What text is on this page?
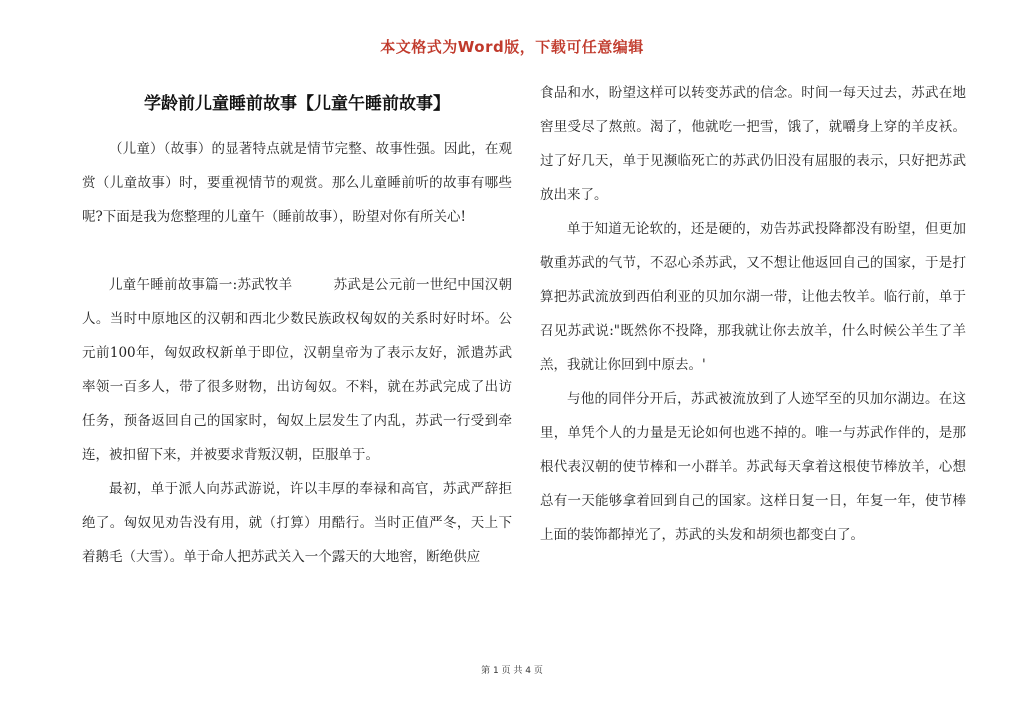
本文格式为Word版，下载可任意编辑
学龄前儿童睡前故事【儿童午睡前故事】

（儿童）（故事）的显著特点就是情节完整、故事性强。因此，在观赏（儿童故事）时，要重视情节的观赏。那么儿童睡前听的故事有哪些呢?下面是我为您整理的儿童午（睡前故事），盼望对你有所关心!

儿童午睡前故事篇一:苏武牧羊　　　苏武是公元前一世纪中国汉朝人。当时中原地区的汉朝和西北少数民族政权匈奴的关系时好时坏。公元前100年，匈奴政权新单于即位，汉朝皇帝为了表示友好，派遣苏武率领一百多人，带了很多财物，出访匈奴。不料，就在苏武完成了出访任务，预备返回自己的国家时，匈奴上层发生了内乱，苏武一行受到牵连，被扣留下来，并被要求背叛汉朝，臣服单于。

最初，单于派人向苏武游说，许以丰厚的奉禄和高官，苏武严辞拒绝了。匈奴见劝告没有用，就（打算）用酷行。当时正值严冬，天上下着鹅毛（大雪）。单于命人把苏武关入一个露天的大地窖，断绝供应

食品和水，盼望这样可以转变苏武的信念。时间一每天过去，苏武在地窖里受尽了熬煎。渴了，他就吃一把雪，饿了，就嚼身上穿的羊皮袄。过了好几天，单于见濒临死亡的苏武仍旧没有屈服的表示，只好把苏武放出来了。

单于知道无论软的，还是硬的，劝告苏武投降都没有盼望，但更加敬重苏武的气节，不忍心杀苏武，又不想让他返回自己的国家，于是打算把苏武流放到西伯利亚的贝加尔湖一带，让他去牧羊。临行前，单于召见苏武说:"既然你不投降，那我就让你去放羊，什么时候公羊生了羊羔，我就让你回到中原去。'

与他的同伴分开后，苏武被流放到了人迹罕至的贝加尔湖边。在这里，单凭个人的力量是无论如何也逃不掉的。唯一与苏武作伴的，是那根代表汉朝的使节棒和一小群羊。苏武每天拿着这根使节棒放羊，心想总有一天能够拿着回到自己的国家。这样日复一日，年复一年，使节棒上面的装饰都掉光了，苏武的头发和胡须也都变白了。

第 1 页 共 4 页
